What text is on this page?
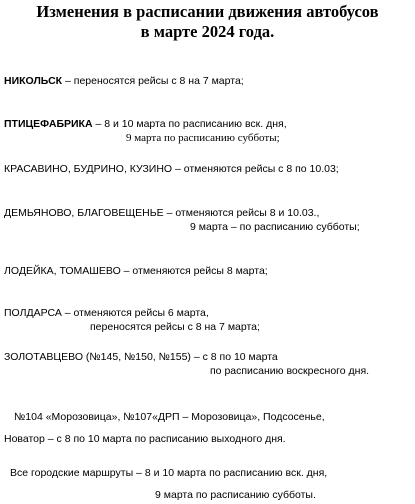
Изменения в расписании движения автобусов
в марте 2024 года.
НИКОЛЬСК – переносятся рейсы с 8 на 7 марта;
ПТИЦЕФАБРИКА – 8 и 10 марта по расписанию вск. дня,
9 марта по расписанию субботы;
КРАСАВИНО, БУДРИНО, КУЗИНО – отменяются рейсы с 8 по 10.03;
ДЕМЬЯНОВО, БЛАГОВЕЩЕНЬЕ – отменяются рейсы 8 и 10.03.,
9 марта – по расписанию субботы;
ЛОДЕЙКА, ТОМАШЕВО – отменяются рейсы 8 марта;
ПОЛДАРСА – отменяются рейсы 6 марта,
переносятся рейсы с 8 на 7 марта;
ЗОЛОТАВЦЕВО (№145, №150, №155) – с 8 по 10 марта
по расписанию воскресного дня.
№104 «Морозовица», №107«ДРП – Морозовица», Подсосенье,
Новатор – с 8 по 10 марта по расписанию выходного дня.
Все городские маршруты – 8 и 10 марта по расписанию вск. дня,
9 марта по расписанию субботы.
